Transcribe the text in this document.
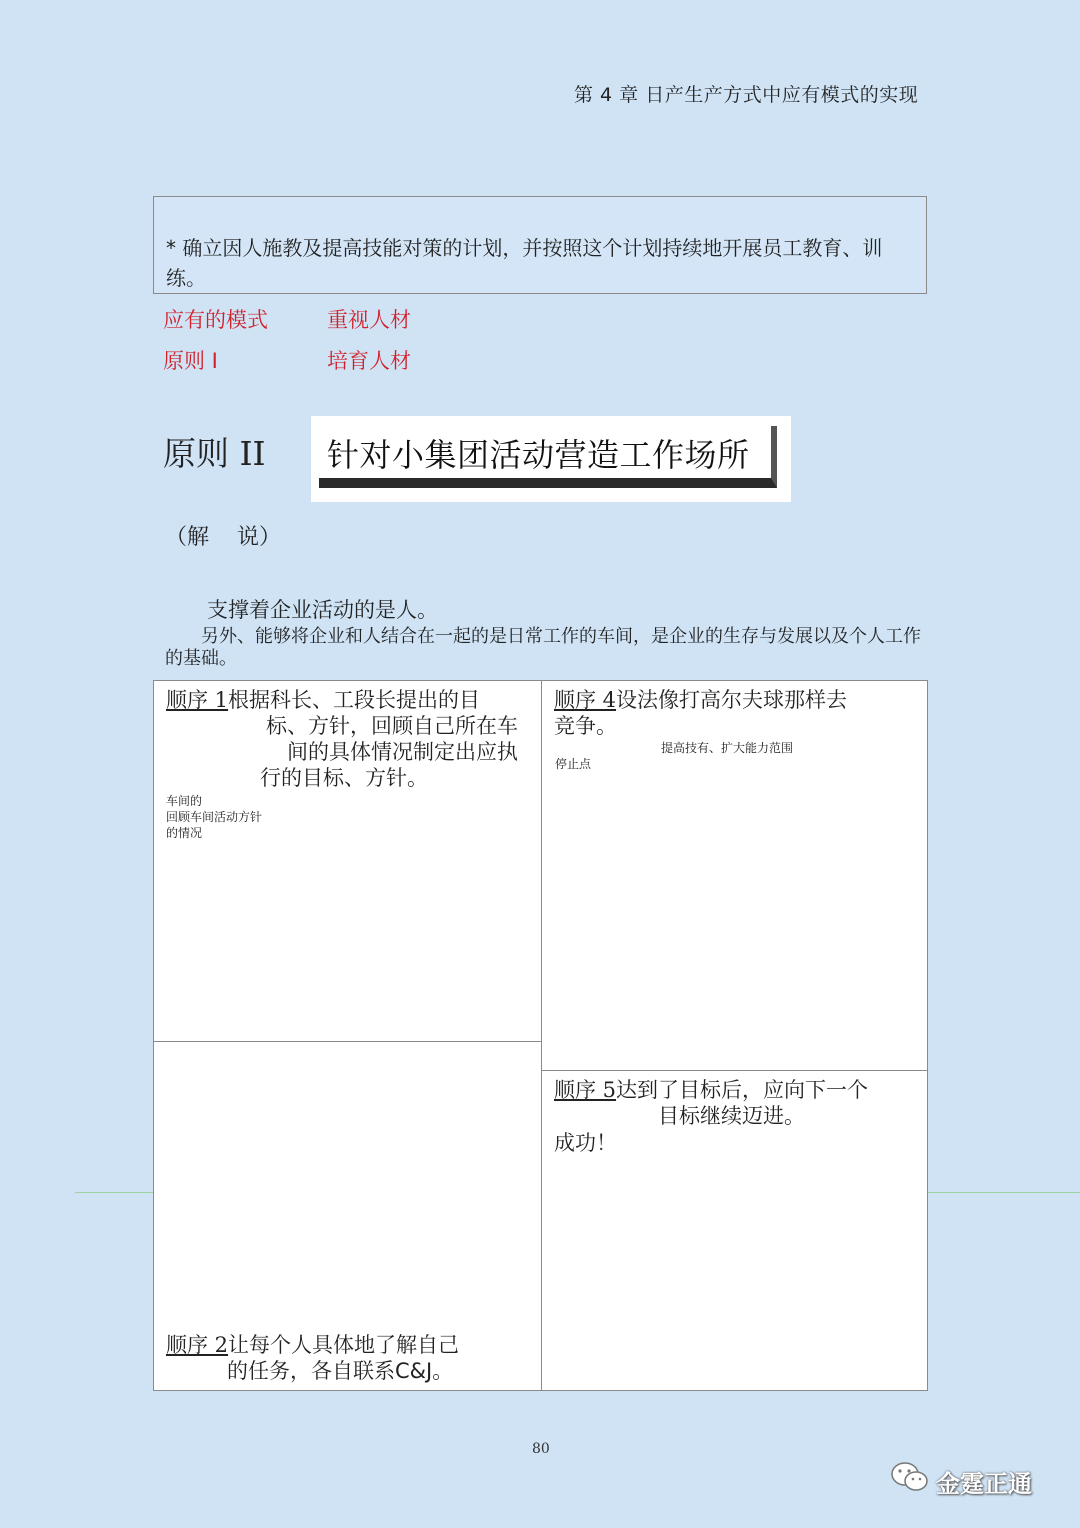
第 4 章 日产生产方式中应有模式的实现
* 确立因人施教及提高技能对策的计划，并按照这个计划持续地开展员工教育、训练。
应有的模式	重视人材
原则 I	培育人材
原则 II 针对小集团活动营造工作场所
（解    说）
支撑着企业活动的是人。
另外、能够将企业和人结合在一起的是日常工作的车间，是企业的生存与发展以及个人工作的基础。
顺序 1根据科长、工段长提出的目
标、方针，回顾自己所在车
间的具体情况制定出应执
行的目标、方针。
车间的
回顾车间活动方针
的情况
顺序 2让每个人具体地了解自己
的任务，各自联系C&J。
顺序 4设法像打高尔夫球那样去
竞争。
提高技有、扩大能力范围
停止点
顺序 5达到了目标后，应向下一个
目标继续迈进。
成功！
80
金霆正通
